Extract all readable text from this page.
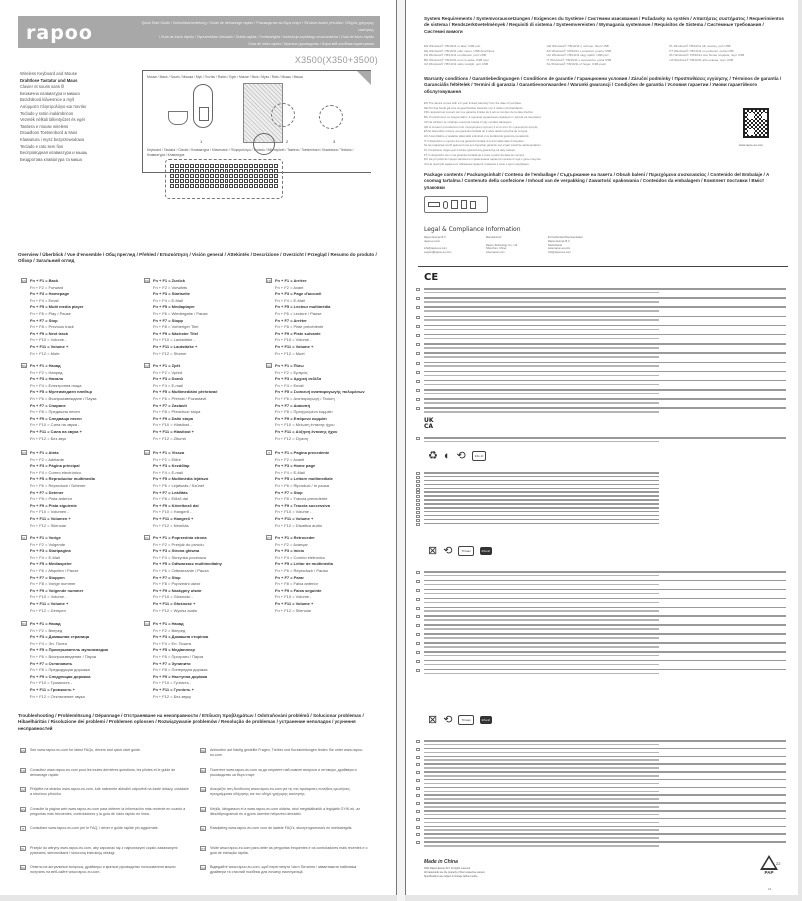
rapoo	Quick Start Guide / Schnellstartanleitung / Guide de démarrage rapide / Ръководство за бърз старт / Stručná úvodní příručka / Οδηγός γρήγορης εκκίνησης
/ Guía de inicio rápido / Gyorsindítási útmutató / Guida rapida / Snelstartgids / Instrukcja szybkiego uruchomienia / Guia de início rápido
Guía de inicio rápido / Краткое руководство / Короткий посібник користувача
X3500(X350+3500)
Wireless Keyboard and Mouse
Drahtlose Tastatur und Maus
Clavier et souris sans fil
Безжична клавиатура и мишка
Bezdrátová klávesnice a myš
Ασύρματο πληκτρολόγιο και ποντίκι
Teclado y ratón inalámbricos
Vezeték nélküli billentyűzet és egér
Tastiera e mouse wireless
Draadloos Toetsenbord & Muis
Klawiatura i mysz bezprzewodowa
Teclado e rato sem fios
Беспроводная клавиатура и мышь
Бездротова клавіатура та миша
Mouse / Maus / Souris / Мишка / Myš / Ποντίκι / Ratón / Egér / Mouse / Muis / Mysz / Rato / Мышь / Миша
1	2	3
Keyboard / Tastatur / Clavier / Клавиатура / Klávesnice / Πληκτρολόγιο / Teclado / Billentyűzet / Tastiera / Toetsenbord / Klawiatura / Teclado / Клавиатура / Клавіатура
Overview / Überblick / Vue d'ensemble / Общ преглед / Přehled / Επισκόπηση / Visión general / Áttekintés / Descrizione / Overzicht / Przegląd / Resumo do produto / Обзор / Загальний огляд
EN Fn + F1 = Back
Fn + F2 = Forward
Fn + F3 = Homepage
Fn + F4 = Email
Fn + F5 = Multi media player
Fn + F6 = Play / Pause
Fn + F7 = Stop
Fn + F8 = Previous track
Fn + F9 = Next track
Fn + F10 = Volume -
Fn + F11 = Volume +
Fn + F12 = Mute
DE Fn + F1 = Zurück
Fn + F2 = Vorwärts
Fn + F3 = Startseite
Fn + F4 = E-Mail
Fn + F5 = Mediaplayer
Fn + F6 = Wiedergabe / Pause
Fn + F7 = Stopp
Fn + F8 = Vorheriger Titel
Fn + F9 = Nächster Titel
Fn + F10 = Lautstärke -
Fn + F11 = Lautstärke +
Fn + F12 = Stumm
FR Fn + F1 = Arrière
Fn + F2 = Avant
Fn + F3 = Page d'accueil
Fn + F4 = E-Mail
Fn + F5 = Lecteur multimédia
Fn + F6 = Lecture / Pause
Fn + F7 = Arrêter
Fn + F8 = Piste précédente
Fn + F9 = Piste suivante
Fn + F10 = Volume -
Fn + F11 = Volume +
Fn + F12 = Muet
BG Fn + F1 = Назад
Fn + F2 = Напред
Fn + F3 = Начало
Fn + F4 = Електронна поща
Fn + F5 = Мултимедиен плейър
Fn + F6 = Възпроизвеждане / Пауза
Fn + F7 = Спиране
Fn + F8 = Предишна песен
Fn + F9 = Следваща песен
Fn + F10 = Сила на звука -
Fn + F11 = Сила на звука +
Fn + F12 = Без звук
CZ Fn + F1 = Zpět
Fn + F2 = Vpřed
Fn + F3 = Domů
Fn + F4 = E-mail
Fn + F5 = Multimediální přehrávač
Fn + F6 = Přehrát / Pozastavit
Fn + F7 = Zastavit
Fn + F8 = Předchozí stopa
Fn + F9 = Další stopa
Fn + F10 = Hlasitost -
Fn + F11 = Hlasitost +
Fn + F12 = Ztlumit
GR Fn + F1 = Πίσω
Fn + F2 = Εμπρός
Fn + F3 = Αρχική σελίδα
Fn + F4 = Email
Fn + F5 = Συσκευή αναπαραγωγής πολυμέσων
Fn + F6 = Αναπαραγωγή / Παύση
Fn + F7 = Διακοπή
Fn + F8 = Προηγούμενο κομμάτι
Fn + F9 = Επόμενο κομμάτι
Fn + F10 = Μείωση έντασης ήχου
Fn + F11 = Αύξηση έντασης ήχου
Fn + F12 = Σίγαση
ES Fn + F1 = Atrás
Fn + F2 = Adelante
Fn + F3 = Página principal
Fn + F4 = Correo electrónico
Fn + F5 = Reproductor multimedia
Fn + F6 = Reproducir / Detener
Fn + F7 = Detener
Fn + F8 = Pista anterior
Fn + F9 = Pista siguiente
Fn + F10 = Volumen -
Fn + F11 = Volumen +
Fn + F12 = Silenciar
HU Fn + F1 = Vissza
Fn + F2 = Előre
Fn + F3 = Kezdőlap
Fn + F4 = E-mail
Fn + F5 = Multimédia lejátszó
Fn + F6 = Lejátszás / Szünet
Fn + F7 = Leállítás
Fn + F8 = Előző dal
Fn + F9 = Következő dal
Fn + F10 = Hangerő -
Fn + F11 = Hangerő +
Fn + F12 = Némítás
IT	Fn + F1 = Pagina precedente
Fn + F2 = Avanti
Fn + F3 = Home page
Fn + F4 = E-Mail
Fn + F5 = Lettore multimediale
Fn + F6 = Riproduci / In pausa
Fn + F7 = Stop
Fn + F8 = Traccia precedente
Fn + F9 = Traccia successiva
Fn + F10 = Volume -
Fn + F11 = Volume +
Fn + F12 = Disattiva audio
NL Fn + F1 = Vorige
Fn + F2 = Volgende
Fn + F3 = Startpagina
Fn + F4 = E-Mail
Fn + F5 = Mediaspeler
Fn + F6 = Afspelen / Pauze
Fn + F7 = Stoppen
Fn + F8 = Vorige nummer
Fn + F9 = Volgende nummer
Fn + F10 = Volume -
Fn + F11 = Volume +
Fn + F12 = Dempen
PL Fn + F1 = Poprzednia strona
Fn + F2 = Przejdź do przodu
Fn + F3 = Strona główna
Fn + F4 = Skrzynka pocztowa
Fn + F5 = Odtwarzacz multimedialny
Fn + F6 = Odtwarzanie / Pauza
Fn + F7 = Stop
Fn + F8 = Poprzedni utwór
Fn + F9 = Następny utwór
Fn + F10 = Głośność -
Fn + F11 = Głośność +
Fn + F12 = Wycisz audio
PT Fn + F1 = Retroceder
Fn + F2 = Avançar
Fn + F3 = Início
Fn + F4 = Correio eletrónico
Fn + F5 = Leitor de multimédia
Fn + F6 = Reproduzir / Pausa
Fn + F7 = Parar
Fn + F8 = Faixa anterior
Fn + F9 = Faixa seguinte
Fn + F10 = Volume -
Fn + F11 = Volume +
Fn + F12 = Silenciar
RU Fn + F1 = Назад
Fn + F2 = Вперед
Fn + F3 = Домашняя страница
Fn + F4 = Эл. Почта
Fn + F5 = Проигрыватель мультимедиа
Fn + F6 = Воспроизведение / Пауза
Fn + F7 = Остановить
Fn + F8 = Предыдущая дорожка
Fn + F9 = Следующая дорожка
Fn + F10 = Громкость -
Fn + F11 = Громкость +
Fn + F12 = Отключение звука
UA Fn + F1 = Назад
Fn + F2 = Вперед
Fn + F3 = Домашня сторінка
Fn + F4 = Ел. Пошта
Fn + F5 = Медіаплеєр
Fn + F6 = Програти / Пауза
Fn + F7 = Зупинити
Fn + F8 = Попередня доріжка
Fn + F9 = Наступна доріжка
Fn + F10 = Гучність -
Fn + F11 = Гучність +
Fn + F12 = Без звуку
Troubleshooting / Problemlösung / Dépannage / Отстраняване на неизправности / Επίλυση προβλημάτων / Odstraňování problémů / Solucionar problemas / Hibaelhárítás / Risoluzione dei problemi / Problemen oplossen / Rozwiązywanie problemów / Resolução de problemas / устранение неполадок / усунення несправностей
EN See www.rapoo-eu.com for latest FAQs, drivers and quick start guide.	DE Antworten auf häufig gestellte Fragen, Treiber und Kurzanleitungen finden Sie unter www.rapoo-eu.com.
FR Consultez www.rapoo-eu.com pour les toutes dernières questions, les pilotes et le guide de démarrage rapide.
BG Посетете www.rapoo-eu.com за да откриете най-новите въпроси и отговори, драйвери и ръководство за бърз старт.
CZ Přejděte na stránku www.rapoo-eu.com, kde naleznete aktuální odpovědi na časté dotazy, ovladače a stručnou příručku.
GR Ανατρέξτε στη διεύθυνση www.rapoo-eu.com για τις πιο πρόσφατες συνήθεις ερωτήσεις, προγράμματα οδήγησης και τον οδηγό γρήγορης εκκίνησης.
ES Consulte la página web www.rapoo-eu.com para obtener la información más reciente en cuanto a preguntas más frecuentes, controladores y la guía de inicio rápido en línea.
HU Kérjük, látogasson el a www.rapoo-eu.com oldalra, ahol megtalálhatók a legújabb GYIK-ek, az illesztőprogramok és a gyors üzembe helyezési útmutató.
IT	Consultare www.rapoo-eu.com per le FAQ, i driver e guide rapide più aggiornate.	NL Raadpleeg www.rapoo-eu.com voor de laatste FAQ's, stuurprogramma's en snelstartgids.
PL	Przejdź do witryny www.rapoo-eu.com, aby zapoznać się z najnowszymi często zadawanymi pytaniami, sterownikami i skróconą instrukcją obsługi.
PT Visite www.rapoo-eu.com para obter as perguntas frequentes e os controladores mais recentes e o guia de iniciação rápida.
RU Ответы на актуальные вопросы, драйверы и краткое руководство пользователя можно получить на веб-сайте www.rapoo-eu.com.
UA Відвідайте www.rapoo-eu.com, щоб переглянути Часті Питання / завантажити найновіші драйвери та стислий посібник для початку експлуатації.
System Requirements / Systemvoraussetzungen / Exigences du Système / Системни изисквания / Požadavky na systém / Απαιτήσεις συστήματος / Requerimientos de sistema / Rendszerkövetelmények / Requisiti di sistema / Systeemvereisten / Wymagania systemowe / Requisitos de Sistema / Системные требования / Системні вимоги
EN Windows® 7/8/10/11 or later, USB port
DE Windows® 7/8/10/11 oder neuer, USB-Anschluss
FR Windows® 7/8/10/11 ou ultérieur, port USB
BG Windows® 7/8/10/11 или по-нова, USB порт
CZ Windows® 7/8/10/11 nebo novější, port USB
GR Windows® 7/8/10/11 ή νεότερο, θύρα USB
ES Windows® 7/8/10/11 o posterior, puerto USB
HU Windows® 7/8/10/11 vagy újabb, USB port
IT Windows® 7/8/10/11 o successivo, porta USB
NL Windows® 7/8/10/11 of hoger, USB-poort
PL Windows® 7/8/10/11 lub nowszy, port USB
PT Windows® 7/8/10/11 ou posterior, porta USB
RU Windows® 7/8/10/11 или более поздняя, порт USB
UA Windows® 7/8/10/11 або новіша, порт USB
Warranty conditions / Garantiebedingungen / Conditions de garantie / Гаранционни условия / Záruční podmínky / Προϋποθέσεις εγγύησης / Términos de garantía / Garanciális feltételek / Termini di garanzia / Garantievoorwaarden / Warunki gwarancji / Condições de garantia / Условия гарантии / Умови гарантійного обслуговування
EN The device comes with a 2-year limited warranty from the date of purchase.
DE Für das Gerät gilt eine eingeschränkte Garantie von 2 Jahren ab Kaufdatum.
FR L'appareil est couvert par une garantie limitée de 2 ans à compter de la date d'achat.
BG Устройството се предоставя с 2-годишна ограничена гаранция от датата на покупката.
CZ Na zařízení se vztahuje omezená záruka 2 roky od data zakoupení.
GR Η συσκευή συνοδεύεται από περιορισμένη εγγύηση 2 ετών από την ημερομηνία αγοράς.
ES El dispositivo incluye una garantía limitada de 2 años desde la fecha de compra.
HU A készülékre a vásárlás dátumától számított 2 év korlátozott garancia vonatkozik.
IT Il dispositivo è coperto da una garanzia limitata di 2 anni dalla data di acquisto.
NL Het apparaat wordt geleverd met een beperkte garantie van 2 jaar vanaf de aankoopdatum.
PL Urządzenie objęte jest 2-letnią ograniczoną gwarancją od daty zakupu.
PT O dispositivo tem uma garantia limitada de 2 anos a partir da data de compra.
RU На устройство предоставляется ограниченная гарантия сроком 2 года с даты покупки.
UA На пристрій надається обмежена гарантія терміном 2 роки з дати придбання.
www.rapoo-eu.com
Package contents / Packungsinhalt / Contenu de l'emballage / Съдържание на пакета / Obsah balení / Περιεχόμενα συσκευασίας / Contenido del Embalaje / A csomag tartalma / Contenuto della confezione / Inhoud van de verpakking / Zawartość opakowania / Conteúdos da embalagem / Комплект поставки / Вміст упаковки
Legal & Compliance Information
Rapoo Europe B.V.
rapoo-eu.com
info@rapoo-eu.com
support@rapoo-eu.com
Manufacturer:
Rapoo Technology Co., Ltd.
Shenzhen, China
www.rapoo.com
EU Authorised Representative
Rapoo Europe B.V.
Netherlands
www.rapoo-eu.com
info@rapoo-eu.com
CE
UK CA
♻ ◐ ⟲	Info-tri
⊠ ⟲	Triman	Info-tri
⊠ ⟲	Triman	Info-tri
Made in China
2024 Rapoo Europe B.V. All rights reserved.
All trademarks are the property of their respective owners.
Specifications are subject to change without notice.
22
PAP
1/1
